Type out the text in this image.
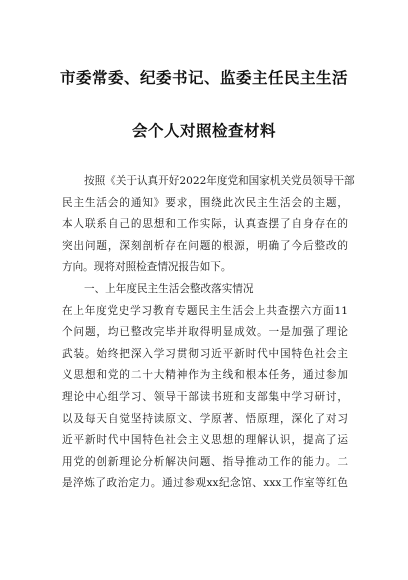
市委常委、纪委书记、监委主任民主生活
会个人对照检查材料
按照《关于认真开好2022年度党和国家机关党员领导干部
民主生活会的通知》要求，围绕此次民主生活会的主题，
本人联系自己的思想和工作实际，认真查摆了自身存在的
突出问题，深刻剖析存在问题的根源，明确了今后整改的
方向。现将对照检查情况报告如下。
一、上年度民主生活会整改落实情况
在上年度党史学习教育专题民主生活会上共查摆六方面11
个问题，均已整改完毕并取得明显成效。一是加强了理论
武装。始终把深入学习贯彻习近平新时代中国特色社会主
义思想和党的二十大精神作为主线和根本任务，通过参加
理论中心组学习、领导干部读书班和支部集中学习研讨，
以及每天自觉坚持读原文、学原著、悟原理，深化了对习
近平新时代中国特色社会主义思想的理解认识，提高了运
用党的创新理论分析解决问题、指导推动工作的能力。二
是淬炼了政治定力。通过参观xx纪念馆、xxx工作室等红色
